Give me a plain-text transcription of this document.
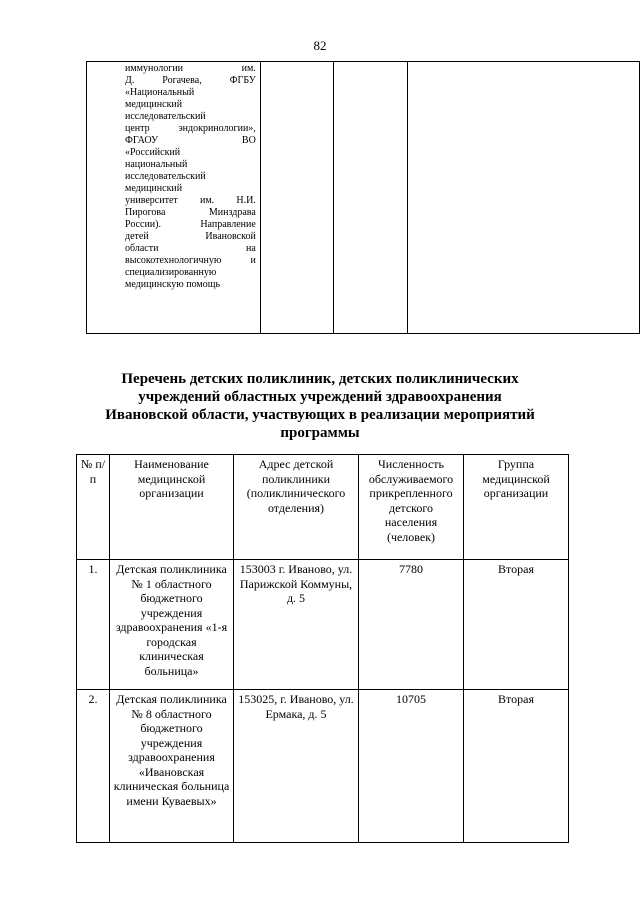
82
иммунологии им.
Д. Рогачева, ФГБУ
«Национальный
медицинский
исследовательский
центр эндокринологии»,
ФГАОУ ВО
«Российский
национальный
исследовательский
медицинский
университет им. Н.И.
Пирогова Минздрава
России). Направление
детей Ивановской
области на
высокотехнологичную и
специализированную
медицинскую помощь

Перечень детских поликлиник, детских поликлинических учреждений областных учреждений здравоохранения Ивановской области, участвующих в реализации мероприятий программы
№ п/п	Наименование медицинской организации	Адрес детской поликлиники (поликлинического отделения)	Численность обслуживаемого прикрепленного детского населения (человек)	Группа медицинской организации
1.	Детская поликлиника № 1 областного бюджетного учреждения здравоохранения «1-я городская клиническая больница»	153003 г. Иваново, ул. Парижской Коммуны, д. 5	7780	Вторая
2.	Детская поликлиника № 8 областного бюджетного учреждения здравоохранения «Ивановская клиническая больница имени Куваевых»	153025, г. Иваново, ул. Ермака, д. 5	10705	Вторая
